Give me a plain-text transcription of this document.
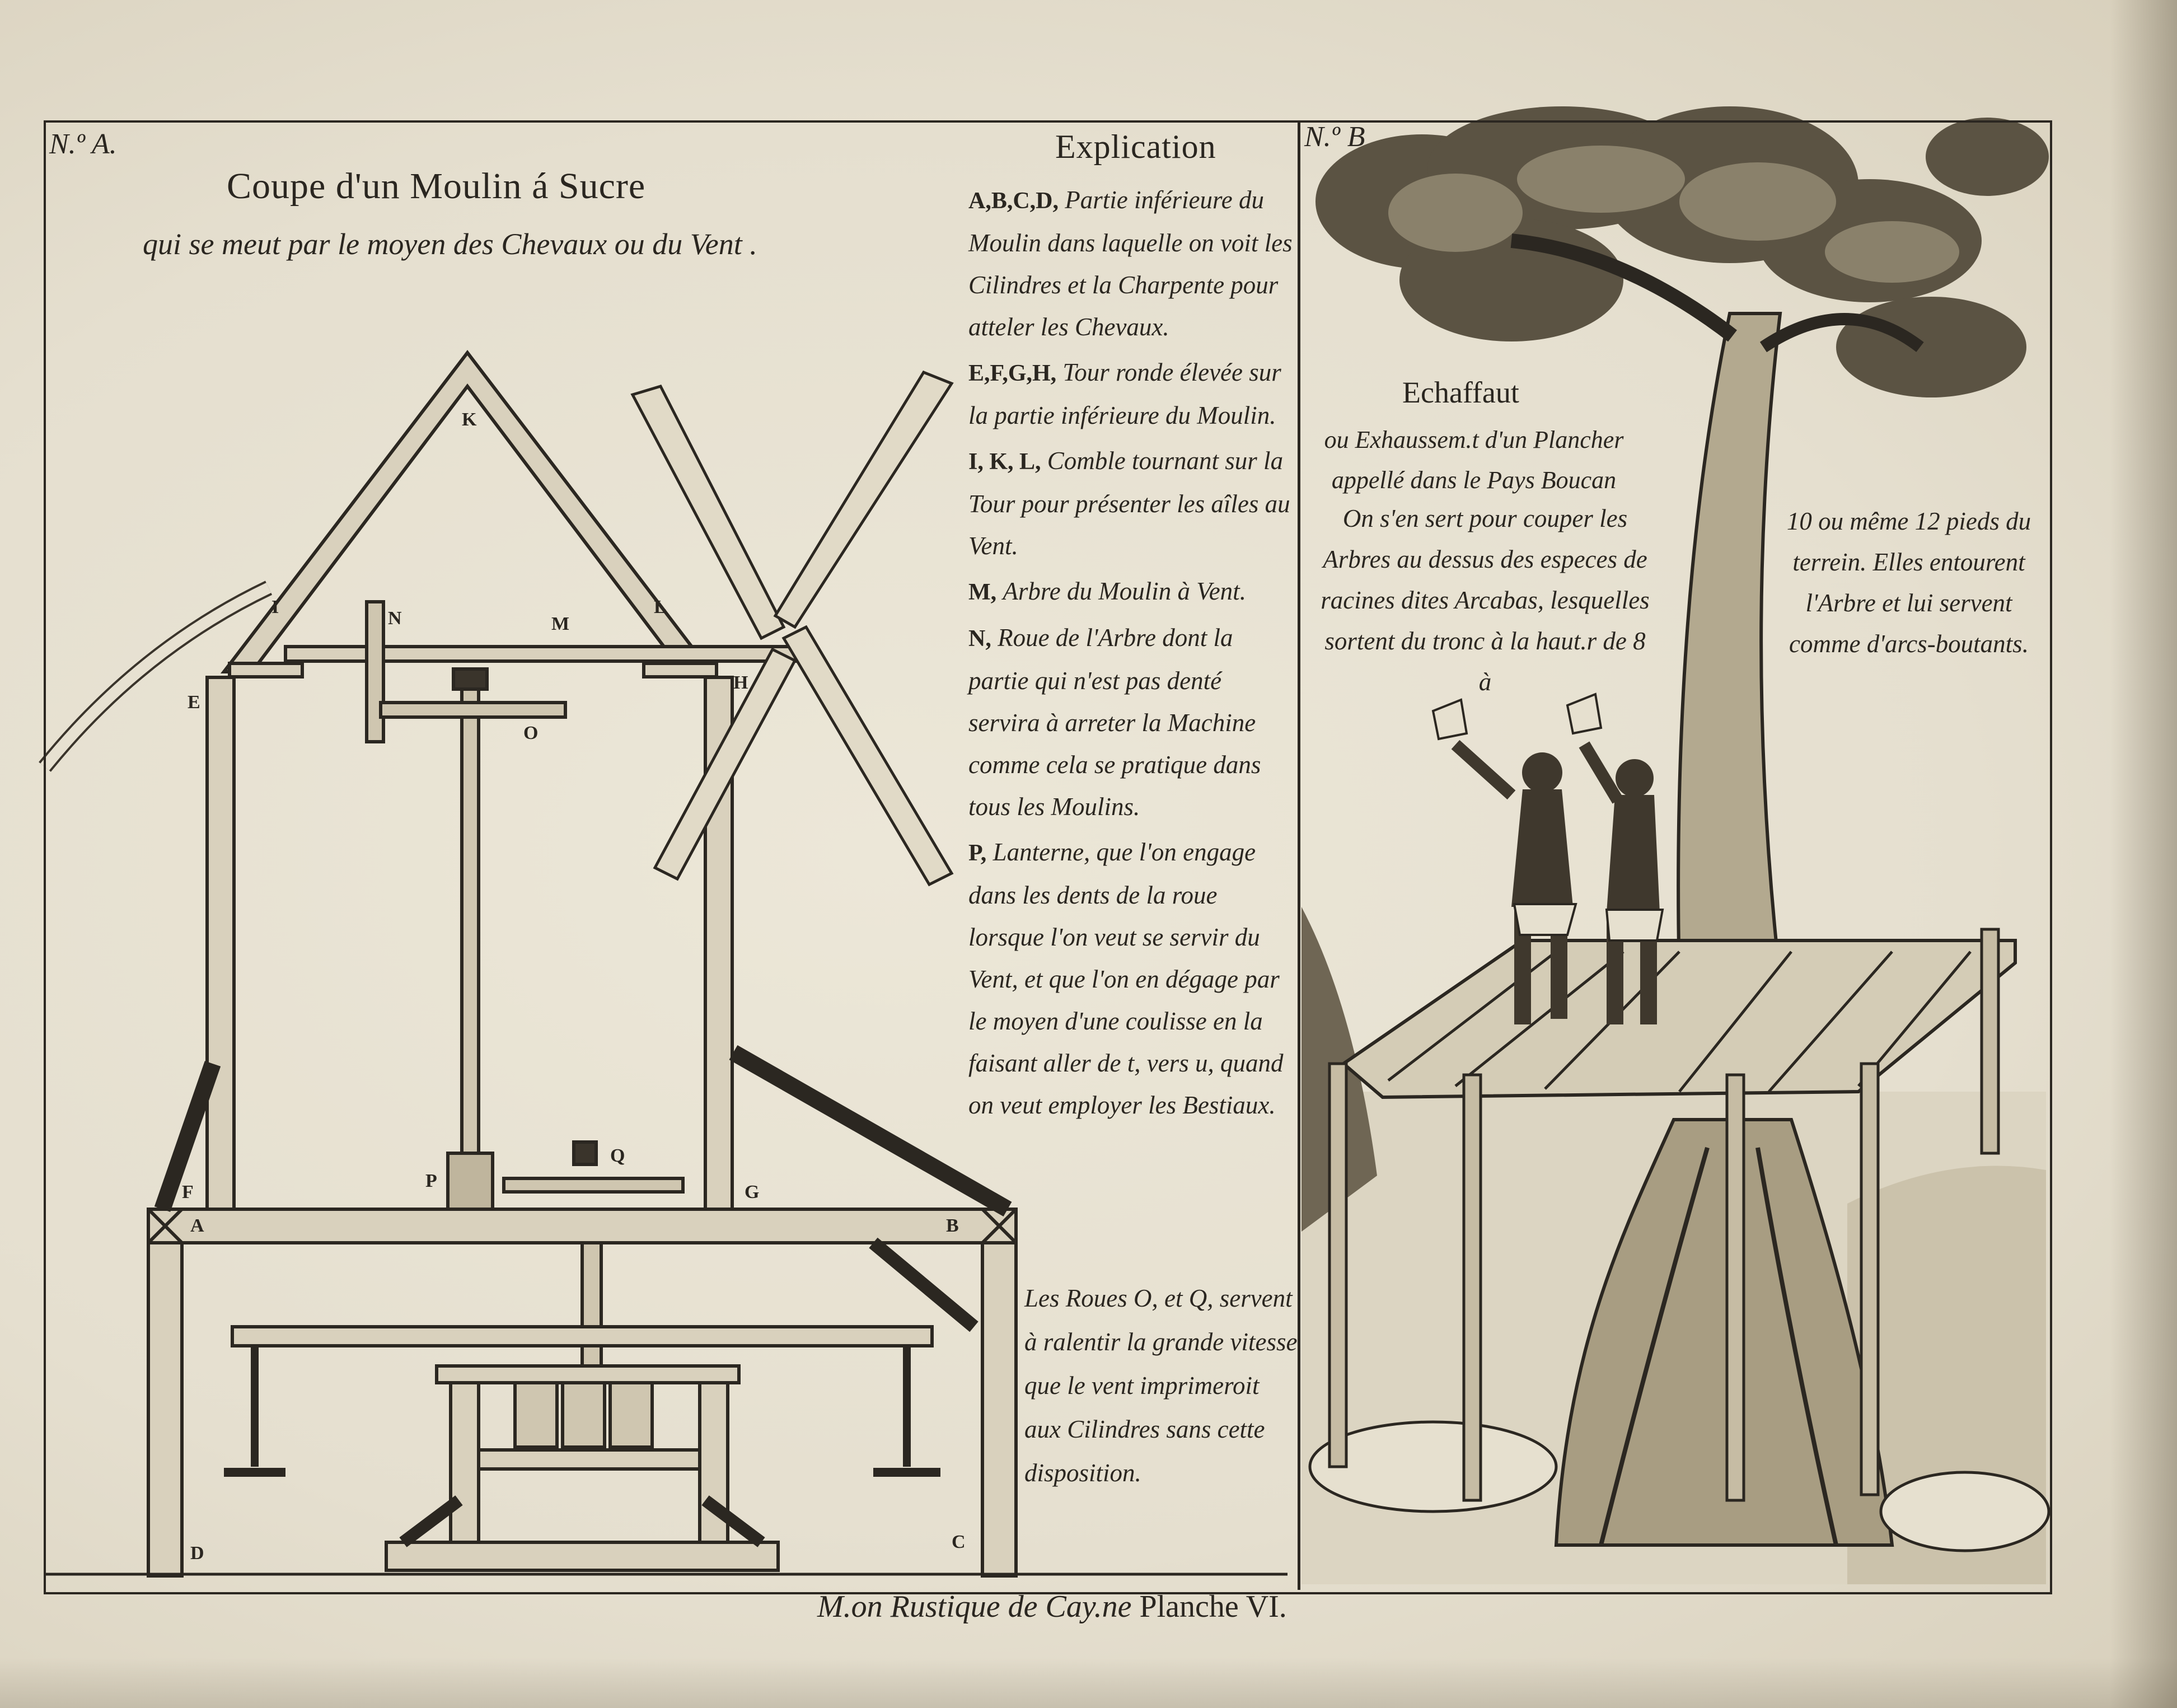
K
I	L
N	M
H
E
O
P
Q
F	G
A	B
D
C
N.º A.	N.º B
Coupe d'un Moulin á Sucre
qui se meut par le moyen des Chevaux ou du Vent .
Explication
A,B,C,D, Partie inférieure du Moulin dans laquelle on voit les Cilindres et la Charpente pour atteler les Chevaux.
E,F,G,H, Tour ronde élevée sur la partie inférieure du Moulin.
I, K, L, Comble tournant sur la Tour pour présenter les aîles au Vent.
M, Arbre du Moulin à Vent.
N, Roue de l'Arbre dont la partie qui n'est pas denté servira à arreter la Machine comme cela se pratique dans tous les Moulins.
P, Lanterne, que l'on engage dans les dents de la roue lorsque l'on veut se servir du Vent, et que l'on en dégage par le moyen d'une coulisse en la faisant aller de t, vers u, quand on veut employer les Bestiaux.
Les Roues O, et Q, servent à ralentir la grande vitesse que le vent imprimeroit aux Cilindres sans cette disposition.
Echaffaut
ou Exhaussem.t d'un Plancher appellé dans le Pays Boucan
On s'en sert pour couper les Arbres au dessus des especes de racines dites Arcabas, lesquelles sortent du tronc à la haut.r de 8 à
10 ou même 12 pieds du terrein. Elles entourent l'Arbre et lui servent comme d'arcs-boutants.
M.on Rustique de Cay.ne Planche VI.
